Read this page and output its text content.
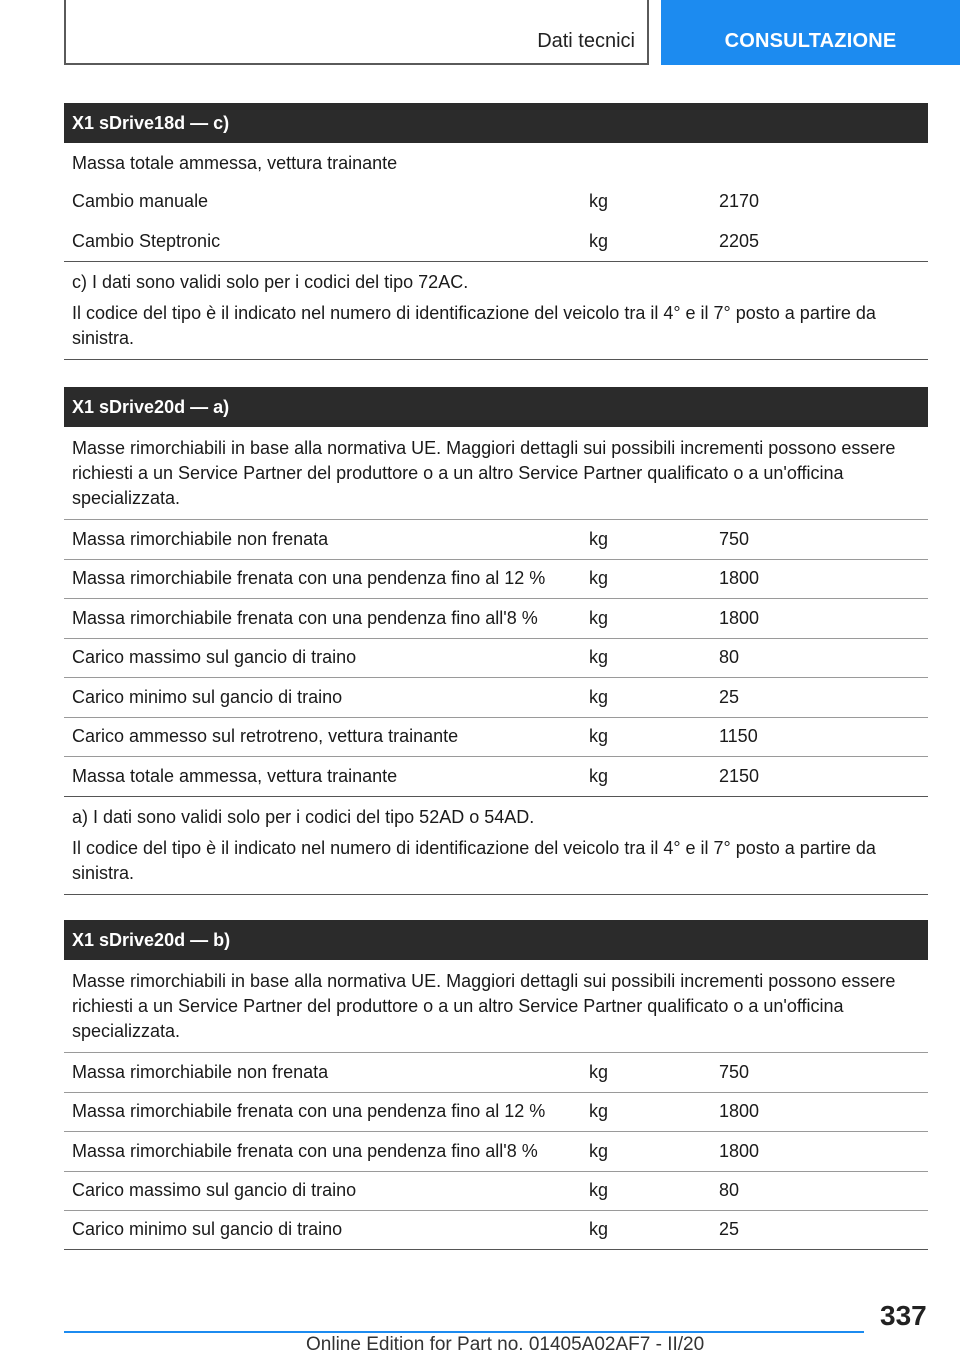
Dati tecnici	CONSULTAZIONE
X1 sDrive18d — c)
Massa totale ammessa, vettura trainante
Cambio manuale	kg	2170
Cambio Steptronic	kg	2205

c) I dati sono validi solo per i codici del tipo 72AC.

Il codice del tipo è il indicato nel numero di identificazione del veicolo tra il 4° e il 7° posto a partire da sinistra.

X1 sDrive20d — a)
Masse rimorchiabili in base alla normativa UE. Maggiori dettagli sui possibili incrementi possono essere richiesti a un Service Partner del produttore o a un altro Service Partner qualificato o a un'officina specializzata.
Massa rimorchiabile non frenata	kg	750
Massa rimorchiabile frenata con una pendenza fino al 12 %	kg	1800
Massa rimorchiabile frenata con una pendenza fino all'8 %	kg	1800
Carico massimo sul gancio di traino	kg	80
Carico minimo sul gancio di traino	kg	25
Carico ammesso sul retrotreno, vettura trainante	kg	1150
Massa totale ammessa, vettura trainante	kg	2150

a) I dati sono validi solo per i codici del tipo 52AD o 54AD.

Il codice del tipo è il indicato nel numero di identificazione del veicolo tra il 4° e il 7° posto a partire da sinistra.

X1 sDrive20d — b)
Masse rimorchiabili in base alla normativa UE. Maggiori dettagli sui possibili incrementi possono essere richiesti a un Service Partner del produttore o a un altro Service Partner qualificato o a un'officina specializzata.
Massa rimorchiabile non frenata	kg	750
Massa rimorchiabile frenata con una pendenza fino al 12 %	kg	1800
Massa rimorchiabile frenata con una pendenza fino all'8 %	kg	1800
Carico massimo sul gancio di traino	kg	80
Carico minimo sul gancio di traino	kg	25
337
Online Edition for Part no. 01405A02AF7 - II/20
